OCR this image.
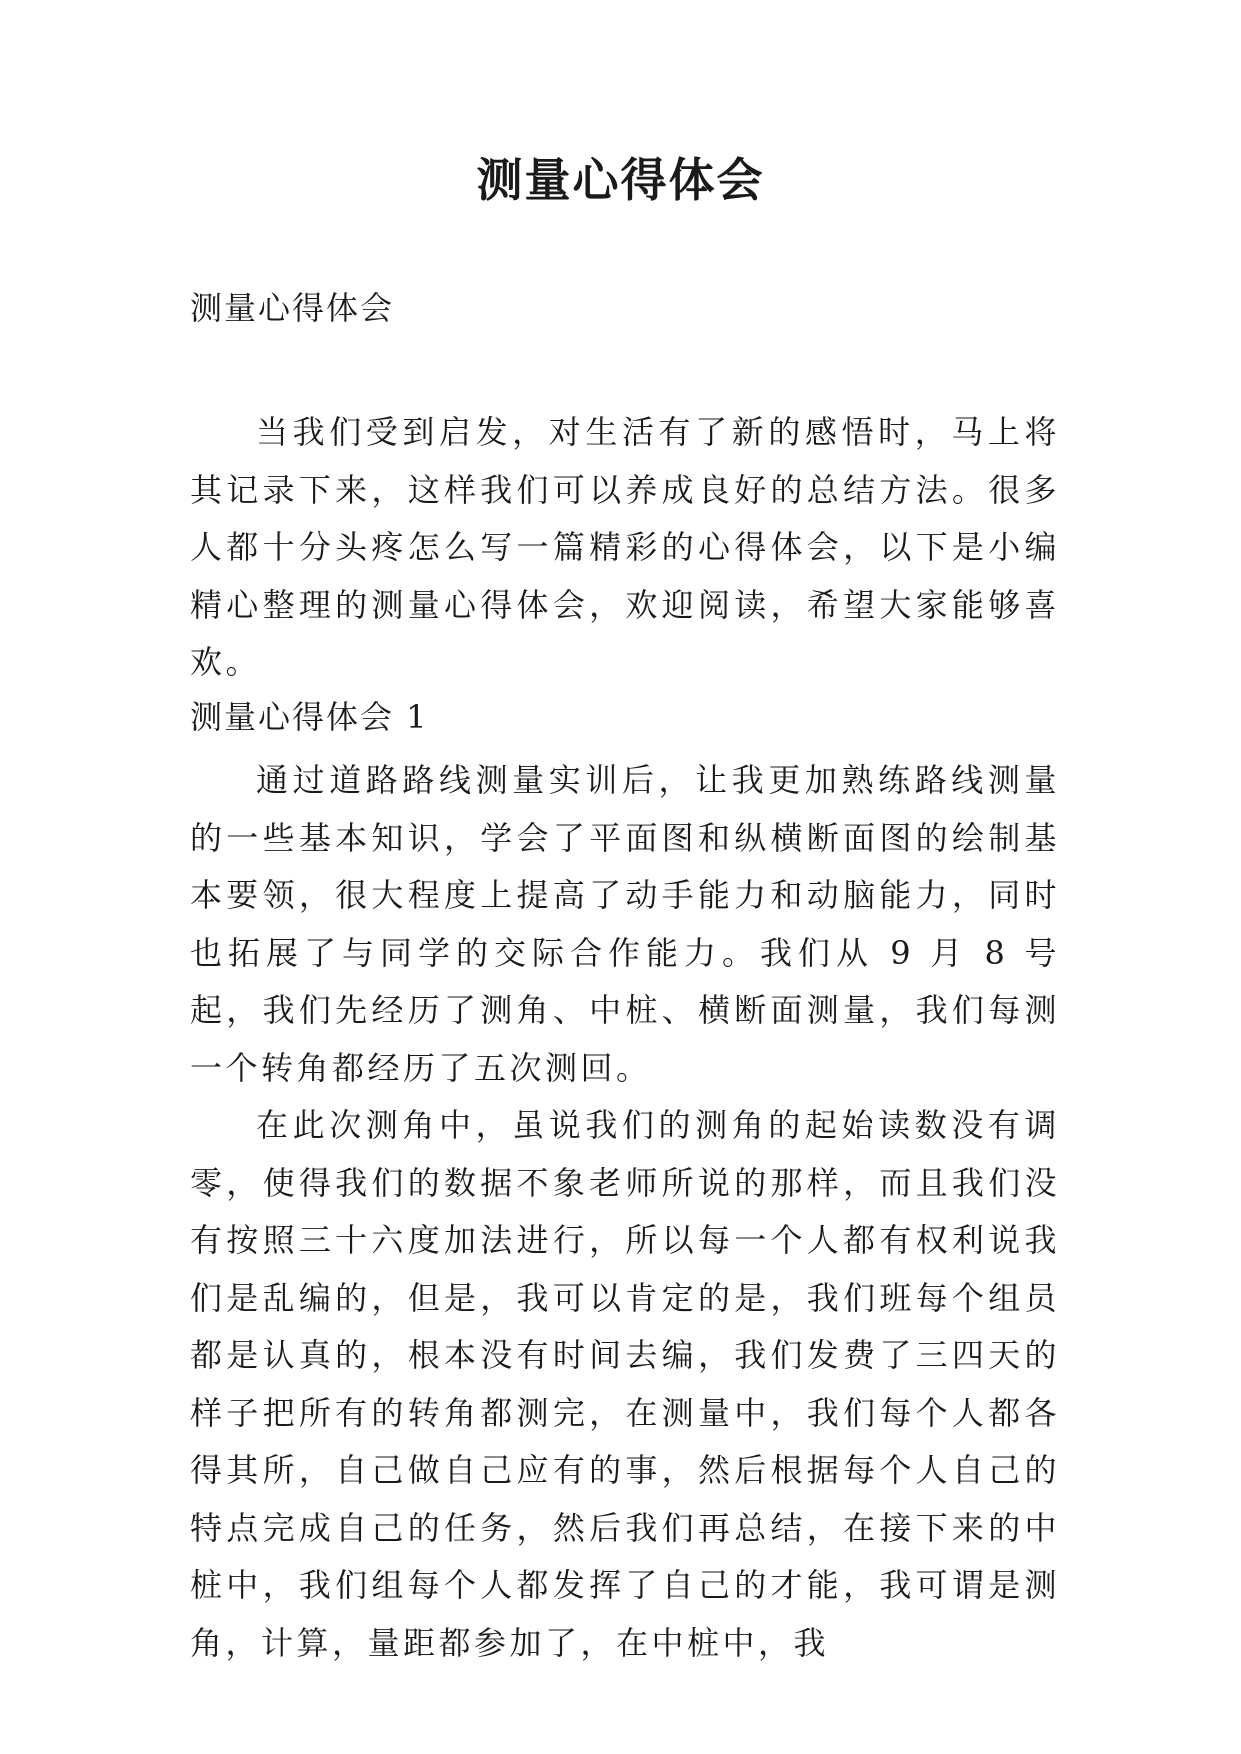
测量心得体会
测量心得体会

当我们受到启发，对生活有了新的感悟时，马上将其记录下来，这样我们可以养成良好的总结方法。很多人都十分头疼怎么写一篇精彩的心得体会，以下是小编精心整理的测量心得体会，欢迎阅读，希望大家能够喜欢。

测量心得体会 1

通过道路路线测量实训后，让我更加熟练路线测量的一些基本知识，学会了平面图和纵横断面图的绘制基本要领，很大程度上提高了动手能力和动脑能力，同时也拓展了与同学的交际合作能力。我们从 9 月 8 号起，我们先经历了测角、中桩、横断面测量，我们每测一个转角都经历了五次测回。

在此次测角中，虽说我们的测角的起始读数没有调零，使得我们的数据不象老师所说的那样，而且我们没有按照三十六度加法进行，所以每一个人都有权利说我们是乱编的，但是，我可以肯定的是，我们班每个组员都是认真的，根本没有时间去编，我们发费了三四天的样子把所有的转角都测完，在测量中，我们每个人都各得其所，自己做自己应有的事，然后根据每个人自己的特点完成自己的任务，然后我们再总结，在接下来的中桩中，我们组每个人都发挥了自己的才能，我可谓是测角，计算，量距都参加了，在中桩中，我
